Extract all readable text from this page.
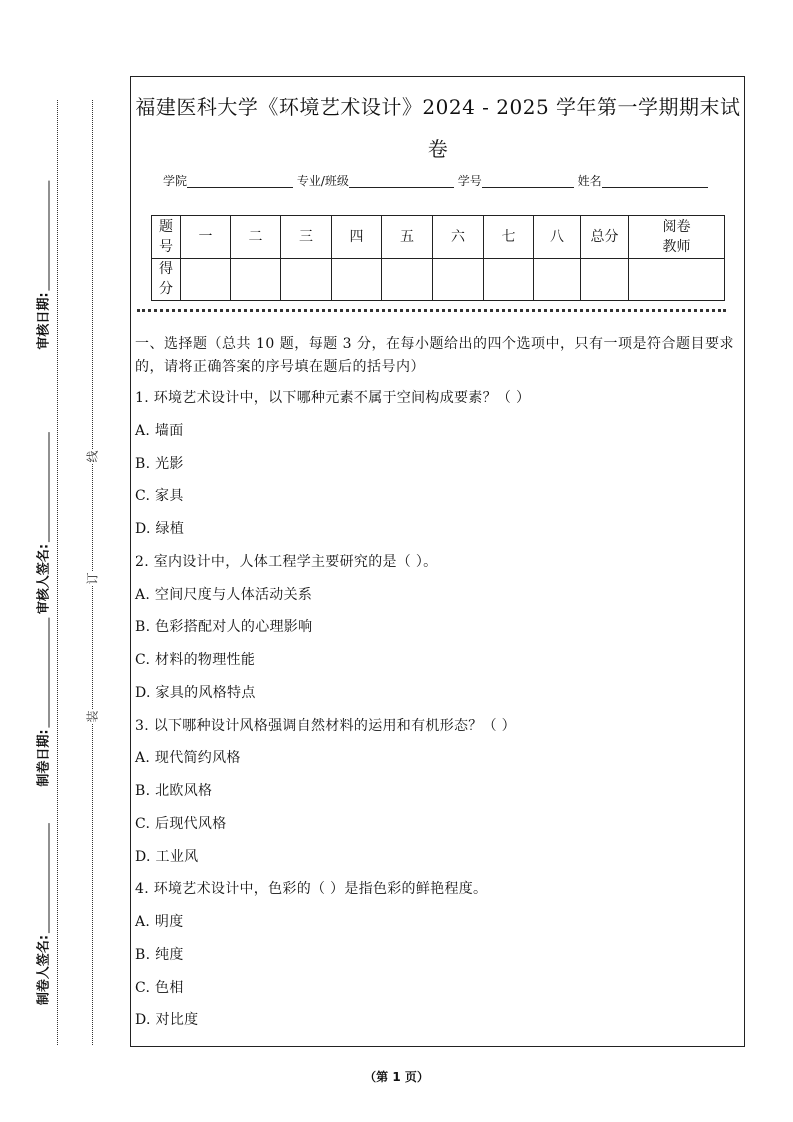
审核日期:
审核人签名:
制卷日期:
制卷人签名:
线
订
装
福建医科大学《环境艺术设计》2024 - 2025 学年第一学期期末试卷
学院	专业/班级	学号	姓名
题号	一	二	三	四	五	六	七	八	总分	阅卷教师

得分										

一、选择题（总共 10 题，每题 3 分，在每小题给出的四个选项中，只有一项是符合题目要求的，请将正确答案的序号填在题后的括号内）
1. 环境艺术设计中，以下哪种元素不属于空间构成要素？（ ）
A. 墙面
B. 光影
C. 家具
D. 绿植
2. 室内设计中，人体工程学主要研究的是（ ）。
A. 空间尺度与人体活动关系
B. 色彩搭配对人的心理影响
C. 材料的物理性能
D. 家具的风格特点
3. 以下哪种设计风格强调自然材料的运用和有机形态？（ ）
A. 现代简约风格
B. 北欧风格
C. 后现代风格
D. 工业风
4. 环境艺术设计中，色彩的（ ）是指色彩的鲜艳程度。
A. 明度
B. 纯度
C. 色相
D. 对比度
（第 1 页）
